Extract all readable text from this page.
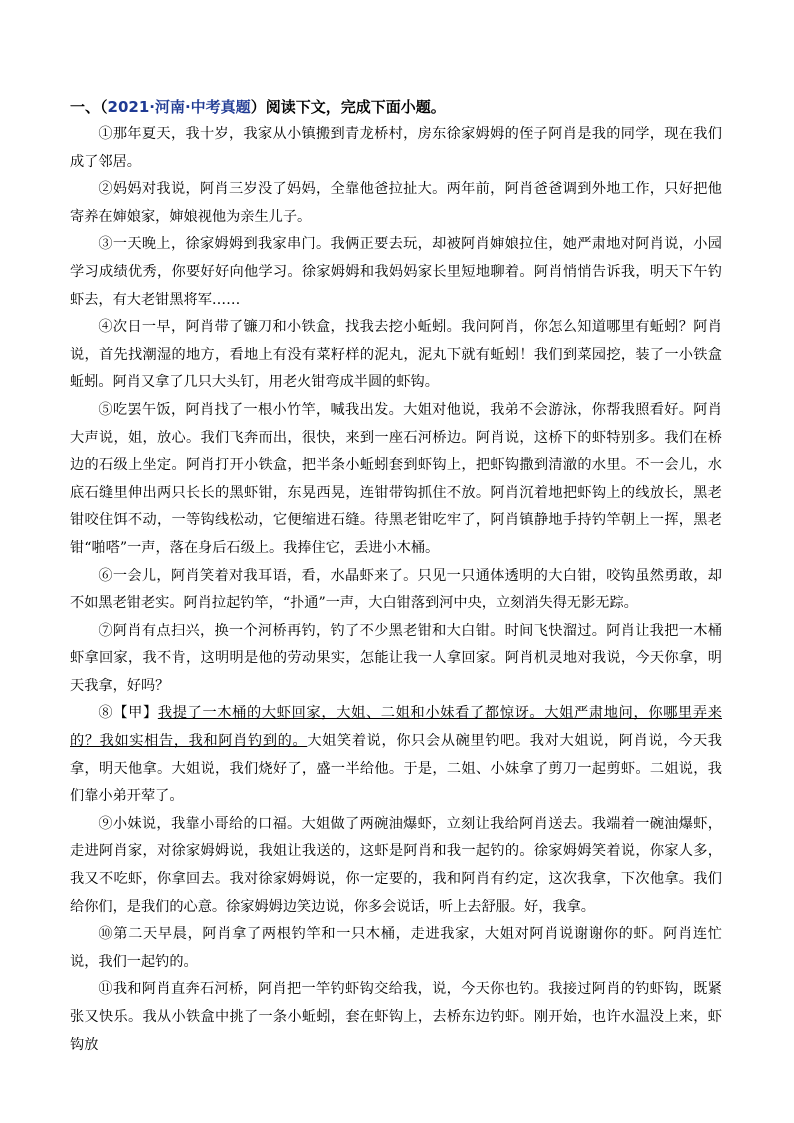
一、（2021·河南·中考真题）阅读下文，完成下面小题。

①那年夏天，我十岁，我家从小镇搬到青龙桥村，房东徐家姆姆的侄子阿肖是我的同学，现在我们成了邻居。

②妈妈对我说，阿肖三岁没了妈妈，全靠他爸拉扯大。两年前，阿肖爸爸调到外地工作，只好把他寄养在婶娘家，婶娘视他为亲生儿子。

③一天晚上，徐家姆姆到我家串门。我俩正要去玩，却被阿肖婶娘拉住，她严肃地对阿肖说，小园学习成绩优秀，你要好好向他学习。徐家姆姆和我妈妈家长里短地聊着。阿肖悄悄告诉我，明天下午钓虾去，有大老钳黑将军……

④次日一早，阿肖带了镰刀和小铁盒，找我去挖小蚯蚓。我问阿肖，你怎么知道哪里有蚯蚓？阿肖说，首先找潮湿的地方，看地上有没有菜籽样的泥丸，泥丸下就有蚯蚓！我们到菜园挖，装了一小铁盒蚯蚓。阿肖又拿了几只大头钉，用老火钳弯成半圆的虾钩。

⑤吃罢午饭，阿肖找了一根小竹竿，喊我出发。大姐对他说，我弟不会游泳，你帮我照看好。阿肖大声说，姐，放心。我们飞奔而出，很快，来到一座石河桥边。阿肖说，这桥下的虾特别多。我们在桥边的石级上坐定。阿肖打开小铁盒，把半条小蚯蚓套到虾钩上，把虾钩撒到清澈的水里。不一会儿，水底石缝里伸出两只长长的黑虾钳，东晃西晃，连钳带钩抓住不放。阿肖沉着地把虾钩上的线放长，黑老钳咬住饵不动，一等钩线松动，它便缩进石缝。待黑老钳吃牢了，阿肖镇静地手持钓竿朝上一挥，黑老钳“啪嗒”一声，落在身后石级上。我捧住它，丢进小木桶。

⑥一会儿，阿肖笑着对我耳语，看，水晶虾来了。只见一只通体透明的大白钳，咬钩虽然勇敢，却不如黑老钳老实。阿肖拉起钓竿，“扑通”一声，大白钳落到河中央，立刻消失得无影无踪。

⑦阿肖有点扫兴，换一个河桥再钓，钓了不少黑老钳和大白钳。时间飞快溜过。阿肖让我把一木桶虾拿回家，我不肯，这明明是他的劳动果实，怎能让我一人拿回家。阿肖机灵地对我说，今天你拿，明天我拿，好吗？

⑧【甲】我提了一木桶的大虾回家，大姐、二姐和小妹看了都惊讶。大姐严肃地问，你哪里弄来的？我如实相告，我和阿肖钓到的。大姐笑着说，你只会从碗里钓吧。我对大姐说，阿肖说，今天我拿，明天他拿。大姐说，我们烧好了，盛一半给他。于是，二姐、小妹拿了剪刀一起剪虾。二姐说，我们靠小弟开荤了。

⑨小妹说，我靠小哥给的口福。大姐做了两碗油爆虾，立刻让我给阿肖送去。我端着一碗油爆虾，走进阿肖家，对徐家姆姆说，我姐让我送的，这虾是阿肖和我一起钓的。徐家姆姆笑着说，你家人多，我又不吃虾，你拿回去。我对徐家姆姆说，你一定要的，我和阿肖有约定，这次我拿，下次他拿。我们给你们，是我们的心意。徐家姆姆边笑边说，你多会说话，听上去舒服。好，我拿。

⑩第二天早晨，阿肖拿了两根钓竿和一只木桶，走进我家，大姐对阿肖说谢谢你的虾。阿肖连忙说，我们一起钓的。

⑪我和阿肖直奔石河桥，阿肖把一竿钓虾钩交给我，说，今天你也钓。我接过阿肖的钓虾钩，既紧张又快乐。我从小铁盒中挑了一条小蚯蚓，套在虾钩上，去桥东边钓虾。刚开始，也许水温没上来，虾钩放
